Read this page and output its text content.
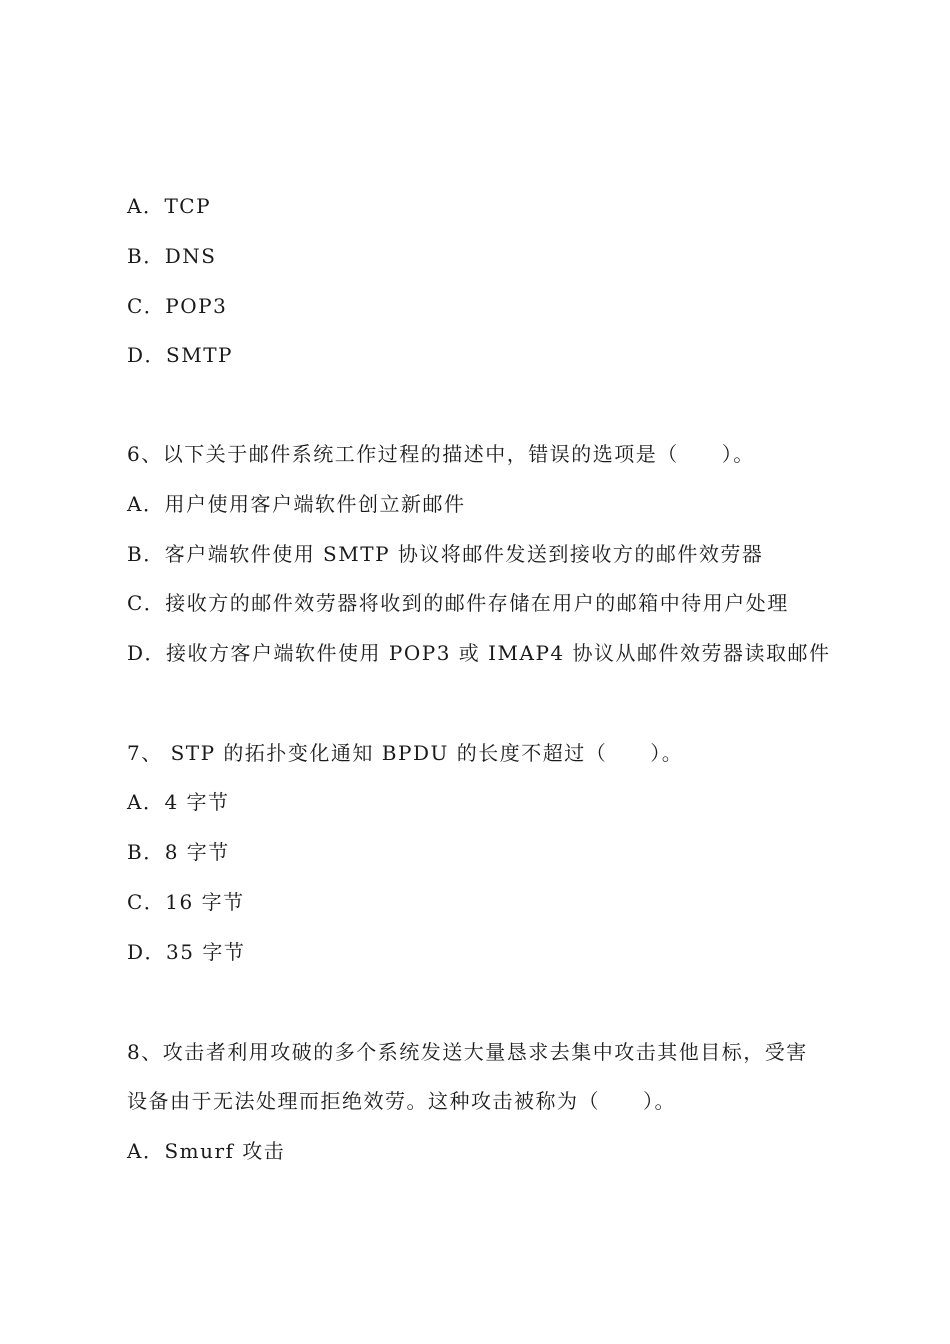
A．TCP
B．DNS
C．POP3
D．SMTP
6、以下关于邮件系统工作过程的描述中，错误的选项是（　　）。
A．用户使用客户端软件创立新邮件
B．客户端软件使用 SMTP 协议将邮件发送到接收方的邮件效劳器
C．接收方的邮件效劳器将收到的邮件存储在用户的邮箱中待用户处理
D．接收方客户端软件使用 POP3 或 IMAP4 协议从邮件效劳器读取邮件
7、 STP 的拓扑变化通知 BPDU 的长度不超过（　　）。
A．4 字节
B．8 字节
C．16 字节
D．35 字节
8、攻击者利用攻破的多个系统发送大量恳求去集中攻击其他目标，受害
设备由于无法处理而拒绝效劳。这种攻击被称为（　　）。
A．Smurf 攻击
